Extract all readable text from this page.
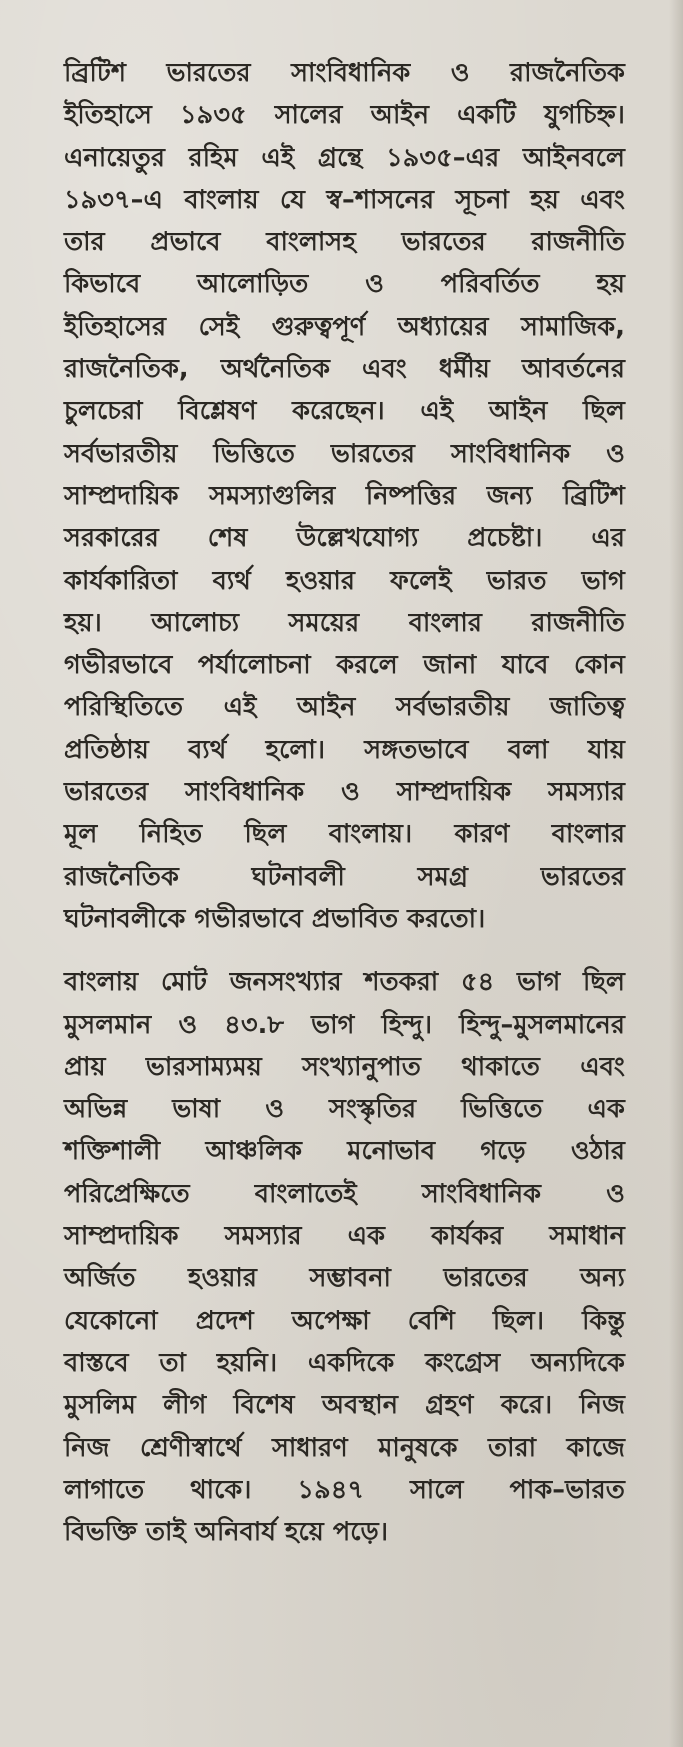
ব্রিটিশ ভারতের সাংবিধানিক ও রাজনৈতিক
ইতিহাসে ১৯৩৫ সালের আইন একটি যুগচিহ্ন।
এনায়েতুর রহিম এই গ্রন্থে ১৯৩৫–এর আইনবলে
১৯৩৭–এ বাংলায় যে স্ব–শাসনের সূচনা হয় এবং
তার প্রভাবে বাংলাসহ ভারতের রাজনীতি
কিভাবে আলোড়িত ও পরিবর্তিত হয়
ইতিহাসের সেই গুরুত্বপূর্ণ অধ্যায়ের সামাজিক,
রাজনৈতিক, অর্থনৈতিক এবং ধর্মীয় আবর্তনের
চুলচেরা বিশ্লেষণ করেছেন। এই আইন ছিল
সর্বভারতীয় ভিত্তিতে ভারতের সাংবিধানিক ও
সাম্প্রদায়িক সমস্যাগুলির নিষ্পত্তির জন্য ব্রিটিশ
সরকারের শেষ উল্লেখযোগ্য প্রচেষ্টা। এর
কার্যকারিতা ব্যর্থ হওয়ার ফলেই ভারত ভাগ
হয়। আলোচ্য সময়ের বাংলার রাজনীতি
গভীরভাবে পর্যালোচনা করলে জানা যাবে কোন
পরিস্থিতিতে এই আইন সর্বভারতীয় জাতিত্ব
প্রতিষ্ঠায় ব্যর্থ হলো। সঙ্গতভাবে বলা যায়
ভারতের সাংবিধানিক ও সাম্প্রদায়িক সমস্যার
মূল নিহিত ছিল বাংলায়। কারণ বাংলার
রাজনৈতিক ঘটনাবলী সমগ্র ভারতের
ঘটনাবলীকে গভীরভাবে প্রভাবিত করতো।

বাংলায় মোট জনসংখ্যার শতকরা ৫৪ ভাগ ছিল
মুসলমান ও ৪৩.৮ ভাগ হিন্দু। হিন্দু–মুসলমানের
প্রায় ভারসাম্যময় সংখ্যানুপাত থাকাতে এবং
অভিন্ন ভাষা ও সংস্কৃতির ভিত্তিতে এক
শক্তিশালী আঞ্চলিক মনোভাব গড়ে ওঠার
পরিপ্রেক্ষিতে বাংলাতেই সাংবিধানিক ও
সাম্প্রদায়িক সমস্যার এক কার্যকর সমাধান
অর্জিত হওয়ার সম্ভাবনা ভারতের অন্য
যেকোনো প্রদেশ অপেক্ষা বেশি ছিল। কিন্তু
বাস্তবে তা হয়নি। একদিকে কংগ্রেস অন্যদিকে
মুসলিম লীগ বিশেষ অবস্থান গ্রহণ করে। নিজ
নিজ শ্রেণীস্বার্থে সাধারণ মানুষকে তারা কাজে
লাগাতে থাকে। ১৯৪৭ সালে পাক–ভারত
বিভক্তি তাই অনিবার্য হয়ে পড়ে।
